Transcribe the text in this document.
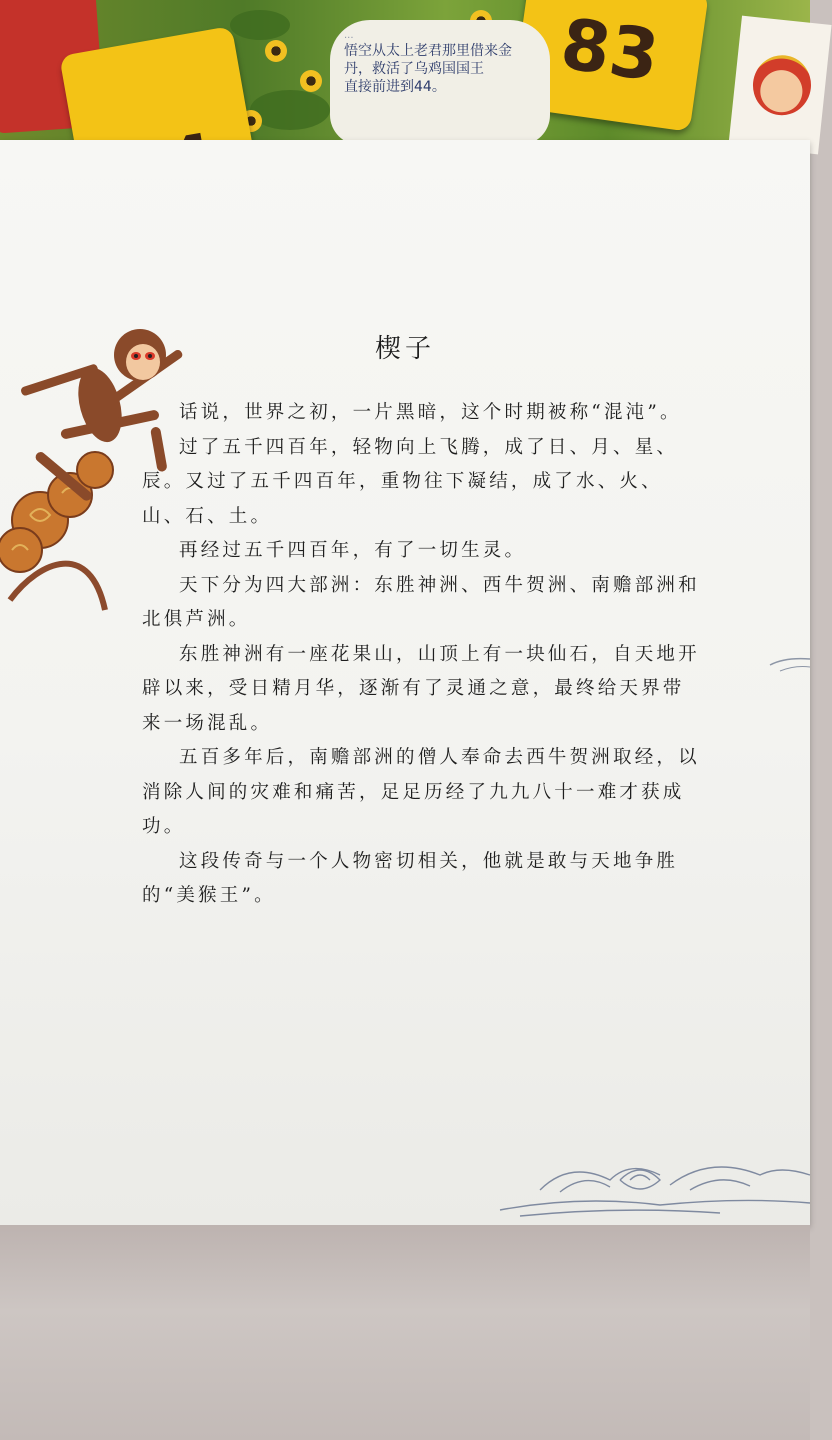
83
...
悟空从太上老君那里借来金
丹，救活了乌鸡国国王
直接前进到44。
楔子

话说，世界之初，一片黑暗，这个时期被称“混沌”。

过了五千四百年，轻物向上飞腾，成了日、月、星、辰。又过了五千四百年，重物往下凝结，成了水、火、山、石、土。

再经过五千四百年，有了一切生灵。

天下分为四大部洲：东胜神洲、西牛贺洲、南赡部洲和北俱芦洲。

东胜神洲有一座花果山，山顶上有一块仙石，自天地开辟以来，受日精月华，逐渐有了灵通之意，最终给天界带来一场混乱。

五百多年后，南赡部洲的僧人奉命去西牛贺洲取经，以消除人间的灾难和痛苦，足足历经了九九八十一难才获成功。

这段传奇与一个人物密切相关，他就是敢与天地争胜的“美猴王”。
